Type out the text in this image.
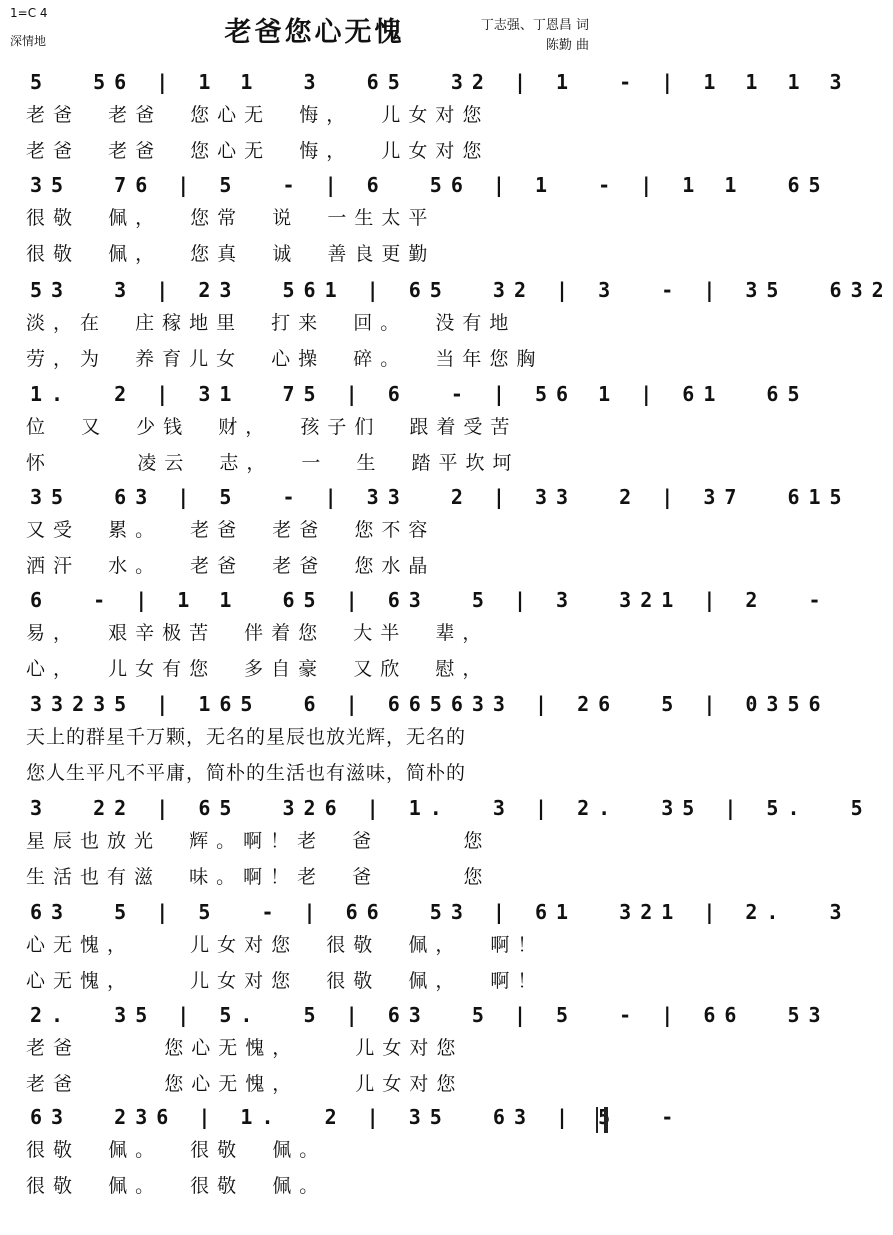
1=C 4
深情地	老爸您心无愧	丁志强、丁恩昌 词
陈勤 曲
5  56 | 1 1  3  65  32 | 1  - | 1 1 1 3
老爸  老爸  您心无  悔，  儿女对您
老爸  老爸  您心无  悔，  儿女对您
35  76 | 5  - | 6  56 | 1  - | 1 1  65
很敬  佩，  您常  说  一生太平
很敬  佩，  您真  诚  善良更勤
53  3 | 23  561 | 65  32 | 3  - | 35  632
淡，在  庄稼地里  打来  回。  没有地
劳，为  养育儿女  心操  碎。  当年您胸
1.  2 | 31  75 | 6  - | 56 1 | 61  65
位  又  少钱  财，  孩子们  跟着受苦
怀      凌云  志，  一  生  踏平坎坷
35  63 | 5  - | 33  2 | 33  2 | 37  615
又受  累。  老爸  老爸  您不容
洒汗  水。  老爸  老爸  您水晶
6  - | 1 1  65 | 63  5 | 3  321 | 2  -
易，  艰辛极苦  伴着您  大半  辈，
心，  儿女有您  多自豪  又欣  慰，
33235 | 165  6 | 665633 | 26  5 | 0356
天上的群星千万颗，无名的星辰也放光辉，无名的
您人生平凡不平庸，简朴的生活也有滋味，简朴的
3  22 | 65  326 | 1.  3 | 2.  35 | 5.  5
星辰也放光  辉。啊！老  爸      您
生活也有滋  味。啊！老  爸      您
63  5 | 5  - | 66  53 | 61  321 | 2.  3
心无愧，    儿女对您  很敬  佩，  啊！
心无愧，    儿女对您  很敬  佩，  啊！
2.  35 | 5.  5 | 63  5 | 5  - | 66  53
老爸      您心无愧，    儿女对您
老爸      您心无愧，    儿女对您
63  236 | 1.  2 | 35  63 | 5  -
很敬  佩。  很敬  佩。
很敬  佩。  很敬  佩。
